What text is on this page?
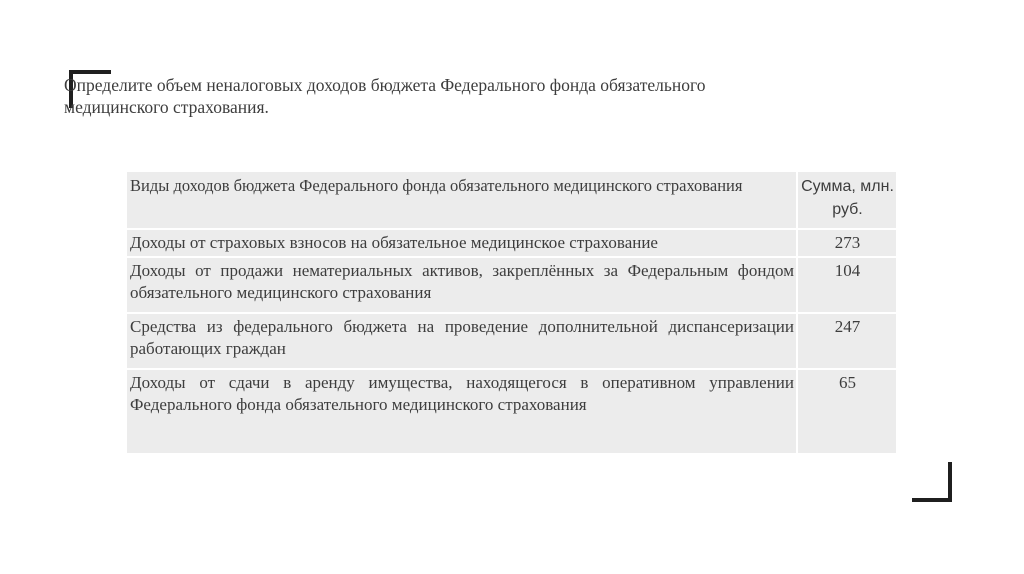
Определите объем неналоговых доходов бюджета Федерального фонда обязательного медицинского страхования.
Виды доходов бюджета Федерального фонда обязательного медицинского страхования	Сумма, млн. руб.
Доходы от страховых взносов на обязательное медицинское страхование	273
Доходы от продажи нематериальных активов, закреплённых за Федеральным фондом обязательного медицинского страхования	104
Средства из федерального бюджета на проведение дополнительной диспансеризации работающих граждан	247
Доходы от сдачи в аренду имущества, находящегося в оперативном управлении Федерального фонда обязательного медицинского страхования	65
